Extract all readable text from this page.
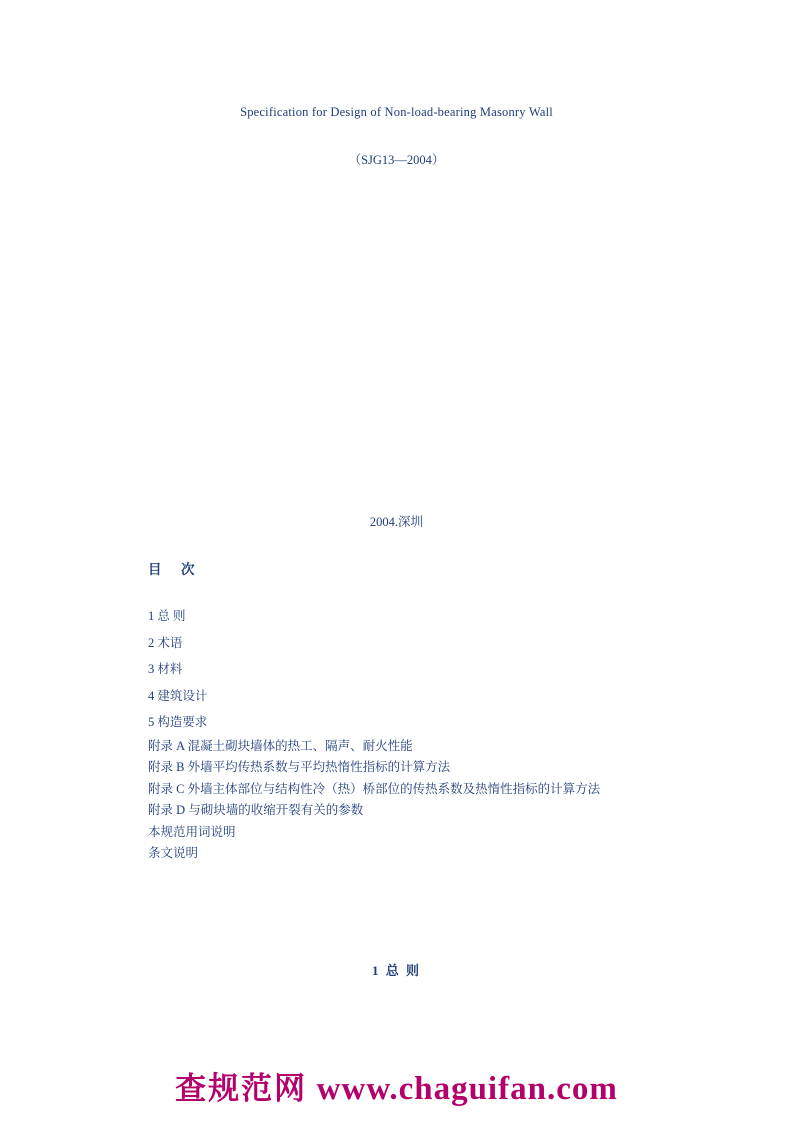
Specification for Design of Non-load-bearing Masonry Wall
（SJG13—2004）
2004.深圳
目　次
1 总 则
2 术语
3 材料
4 建筑设计
5 构造要求
附录 A 混凝土砌块墙体的热工、隔声、耐火性能
附录 B 外墙平均传热系数与平均热惰性指标的计算方法
附录 C 外墙主体部位与结构性冷（热）桥部位的传热系数及热惰性指标的计算方法
附录 D 与砌块墙的收缩开裂有关的参数
本规范用词说明
条文说明
1 总 则
查规范网 www.chaguifan.com
